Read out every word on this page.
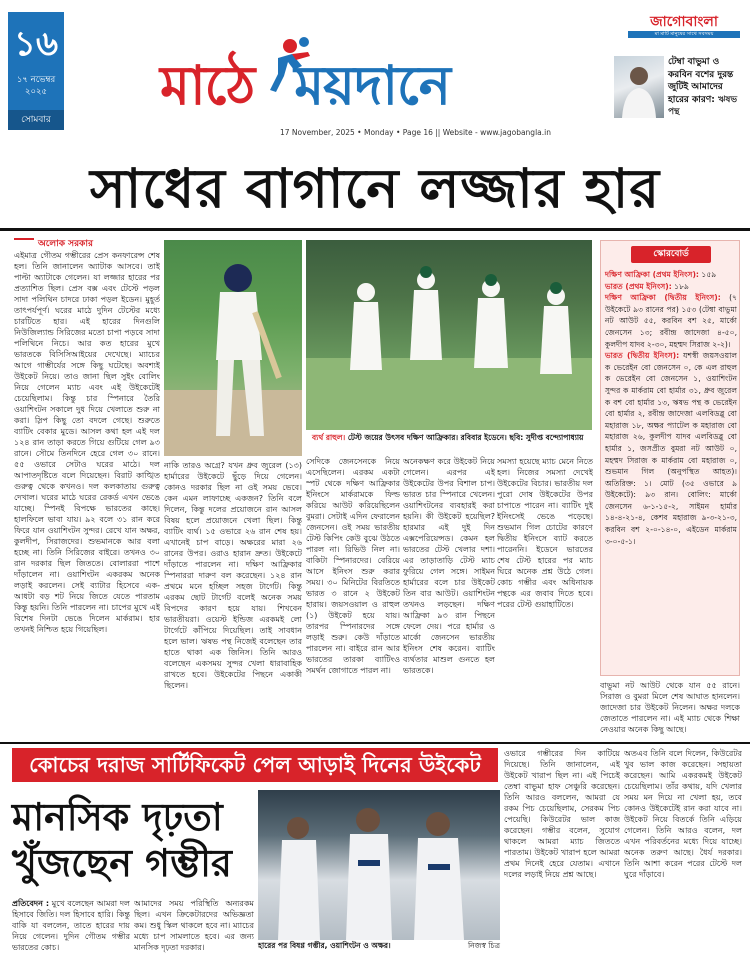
১৬
১৭ নভেম্বর ২০২৫
সোমবার
মাঠে ময়দানে
17 November, 2025 • Monday • Page 16 || Website - www.jagobangla.in
জাগোবাংলা
মা মাটি মানুষের সাথে সবসময়
টেম্বা বাভুমা ও করবিন বশের দুরন্ত জুটিই আমাদের হারের কারণ: ঋষভ পন্থ
সাধের বাগানে লজ্জার হার
অলোক সরকার
এইমাত্র গৌতম গম্ভীরের প্রেস কনফারেন্স শেষ হল। তিনি জানালেন অ্যাটাক আসবে। তাই পাল্টা অ্যাটাকে গেলেন। যা লজ্জার হারের পর প্রত্যাশিত ছিল। প্রেস বক্স এবং টেস্টে পড়ল সাদা পলিথিন চাদরে ঢাকা পড়ল ইডেন। মুহূর্ত তাৎপর্যপূর্ণ। ঘরের মাঠে দুদিন টেস্টের মধ্যে চারটিতে হার। এই হারের দিনগুলি নিউজিল্যান্ড সিরিজের মতো চাপা পড়বে সাদা পলিথিনে নিচে। আর কত হারের মুখে ভারতকে বিসিসিআইয়ের দেখেছে। ম্যাচের আগে গাম্ভীর্যের সঙ্গে কিছু ঘটেছে। অবশ্যই উইকেট নিয়ে। তাও জানা ছিল সুইং বোলিং নিয়ে গেলেন ম্যাচ এবং এই উইকেটেই চেয়েছিলাম। কিন্তু চার স্পিনারে তৈরি ওয়াশিংটন সকালে দুধ দিয়ে খেলাতে শুরু না করা। স্লিপ কিছু তো বদলে গেছে। শুরুতে ব্যাটিং বেকার মুডে। আসল কথা হল এই দল ১২৪ রান তাড়া করতে গিয়ে গুটিয়ে গেল ৯৩ রানে। সৌমে তিনদিনে হেরে গেল ৩০ রানে। ৫৫ ওভারে সেটাও ঘরের মাঠে। দল আপাতদৃষ্টিতে বলে দিয়েছেন। বিরাট কাঙ্খিত গুরুত্ব থেকে কখনও। দল কলকাতায় গুরুত্ব দেখাল। ঘরের মাঠে ঘরের রেকর্ড এখন ভেঙে যাচ্ছে। স্পিনই বিপক্ষে ভারতের কাছে। হালফিলে ভাবা যায়। ৯২ বলে ৩১ রান করে ফিরে যান ওয়াশিংটন সুন্দর। রেখে যান অক্ষর, কুলদীপ, সিরাজদের। শুভমানকে আর বলা হচ্ছে না। তিনি সিরিজের বাইরে। তখনও ৩০ রান দরকার ছিল জিততে। বোলাররা পাশে দাঁড়ালেন না। ওয়াশিংটন একরকম অনেক লড়াই করলেন। সেই ব্যাটার হিসেবে এক-আধটা বড় শট নিয়ে জিতে যেতে পারতাম কিন্তু হয়নি। তিনি পারলেন না। চাপের মুখে এই বিশেষ দিনটা ভেঙে দিলেন মার্করাম। হার তখনই নিশ্চিত হয়ে গিয়েছিল।
ব্যর্থ রাহুল। টেস্ট জয়ের উৎসব দক্ষিণ আফ্রিকার। রবিবার ইডেনে। ছবি: সুদীপ্ত বন্দ্যোপাধ্যায়
নাকি তারও অগ্রে? যখন ধ্রুব জুরেল (১৩) হার্মারের উইকেটে ছুঁড়ে দিয়ে গেলেন। কোনও দরকার ছিল না ওই সময় ভেবে। কেন এমন লাফাচ্ছে একজন? তিনি বলে দিলেন, কিন্তু দলের প্রয়োজনে রান আসল বিষয় হলে প্রয়োজনে খেলা ছিল। কিন্তু ব্যাটিং ব্যর্থ। ১৫ ওভারে ২৬ রান শেষ হয়। এখানেই চাপ বাড়ে। অক্ষরের মারা ২৬ রানের উপর। ওরাও হারান দ্রুত। উইকেটে দাঁড়াতে পারলেন না। দক্ষিণ আফ্রিকার স্পিনাররা দারুণ বল করেছেন। ১২৪ রান প্রথমে মনে হচ্ছিল সহজ টার্গেট। কিন্তু এরকম ছোট টার্গেট বলেই অনেক সময় বিপদের কারণ হয়ে যায়। শিখবেন ভারতীয়রা। ওয়েস্ট ইন্ডিজ এরকমই লো টার্গেটে কাঁপিয়ে দিয়েছিল। তাই সাবধান হলে ভাল। ঋষভ পন্থ নিজেই বলেছেন তার হাতে থাকা এক জিনিস। তিনি আরও বলেছেন একসময় সুন্দর খেলা ধারাবাহিক রাখতে হবে। উইকেটের পিছনে একাকী ছিলেন।
সেদিকে জেনসেনকে নিয়ে এসেছিলেন। এরকম একটা স্পট থেকে দক্ষিণ আফ্রিকার ইনিংসে মার্করামকে ফিল্ড করিয়ে আউট করিয়েছিলেন বুমরা। সেটাই এদিন ফেরালেন জেনসেন। ওই সময় ভারতীয় টেস্ট কিপিং কেউ বুঝে উঠতে পারল না। রিভিউ নিল না। বাকিটা স্পিনারদের। বেরিয়ে আসে ইনিংস শুরু করার সময়। ৩০ মিনিটের বিরতিতে ভারত ৩ রানে ২ উইকেট হারায়। জয়সওয়াল ও রাহুল (১) উইকেট হয়ে যায়। তারপর স্পিনারদের সঙ্গে লড়াই শুরু। কেউ দাঁড়াতে পারলেন না। বাইরে রান আর ভারতের তারকা ব্যাটিংও সমর্থন জোগাতে পারল না।
অনেকক্ষণ করে উইকেট নিয়ে গেলেন। এরপর এই উইকেটের উপর বিশাল চাপ। ভারত চার স্পিনারে খেলেন। ওয়াশিংটনের ব্যবহারই করা হয়নি। কী উইকেট হয়েছিল? হারমার এই দুই দিন এক্সপেরিয়েন্সড। কেমন হল ভারতের টেস্ট খেলার দশা। এর তাড়াতাড়ি টেস্ট ম্যাচ ফুরিয়ে গেল সঙ্গে। সাইমন হার্মারের বলে চার উইকেট তিন বার আউট। ওয়াশিংটন তখনও লড়ছেন। দক্ষিণ আফ্রিকা ৯৩ রান পিছনে ফেলে দেয়। পরে হার্মার ও মার্কো জেনসেন ভারতীয় ইনিংস শেষ করেন। ব্যাটিং ব্যর্থতার মাশুল গুনতে হল ভারতকে।
সমস্যা হয়েছে ম্যাচ মেনে নিতে হল। নিজের সমস্যা দেখেই উইকেটের বিচার। ভারতীয় দল পুরো দোষ উইকেটের উপর চাপাতে পারেন না। ব্যাটিং দুই ইনিংসেই ভেঙে পড়েছে। শুভমান গিল চোটের কারণে দ্বিতীয় ইনিংসে ব্যাট করতে পারেননি। ইডেনে ভারতের শেষ টেস্ট হারের পর ম্যাচ ঘিরে অনেক প্রশ্ন উঠে গেল। কোচ গম্ভীর এবং অধিনায়ক পন্থকে এর জবাব দিতে হবে। পরের টেস্ট গুয়াহাটিতে।
স্কোরবোর্ড
দক্ষিণ আফ্রিকা (প্রথম ইনিংস): ১৫৯
ভারত (প্রথম ইনিংস): ১৮৯
দক্ষিণ আফ্রিকা (দ্বিতীয় ইনিংস): (৭ উইকেটে ৯৩ রানের পর) ১৫৩ (টেম্বা বাভুমা নট আউট ৫৫, করবিন বশ ২৫, মার্কো জেনসেন ১৩; রবীন্দ্র জাদেজা ৪-৫০, কুলদীপ যাদব ২-৩০, মহম্মদ সিরাজ ২-২)।
ভারত (দ্বিতীয় ইনিংস): যশস্বী জয়সওয়াল ক ভেরেইন বো জেনসেন ০, কে এল রাহুল ক ভেরেইন বো জেনসেন ১, ওয়াশিংটন সুন্দর ক মার্করাম বো হার্মার ৩১, ধ্রুব জুরেল ক বশ বো হার্মার ১৩, ঋষভ পন্থ ক ভেরেইন বো হার্মার ২, রবীন্দ্র জাদেজা এলবিডব্লু বো মহারাজ ১৮, অক্ষর প্যাটেল ক মহারাজ বো মহারাজ ২৬, কুলদীপ যাদব এলবিডব্লু বো হার্মার ১, জসপ্রীত বুমরা নট আউট ০, মহম্মদ সিরাজ ক মার্করাম বো মহারাজ ০, শুভমান গিল (অনুপস্থিত আহত)। অতিরিক্ত: ১। মোট (৩৫ ওভারে ৯ উইকেটে): ৯৩ রান। বোলিং: মার্কো জেনসেন ৬-১-১৫-২, সাইমন হার্মার ১৪-৪-২১-৪, কেশব মহারাজ ৯-৩-২১-৩, করবিন বশ ২-০-১৪-০, এইডেন মার্করাম ৩-০-৫-১।
বাভুমা নট আউট থেকে যান ৫৫ রানে। সিরাজ ও বুমরা মিলে শেষ আঘাত হানলেন। জাদেজা চার উইকেট নিলেন। অক্ষর দলকে জেতাতে পারলেন না। এই ম্যাচ থেকে শিক্ষা নেওয়ার অনেক কিছু আছে।
কোচের দরাজ সার্টিফিকেট পেল আড়াই দিনের উইকেট
মানসিক দৃঢ়তা খুঁজছেন গম্ভীর
হারের পর বিষণ্ণ গম্ভীর, ওয়াশিংটন ও অক্ষর।	নিজস্ব চিত্র
প্রতিবেদন : মুখে বলেছেন আমরা দল হিসাবে জিতি। দল হিসাবে হারি। কিন্তু বাকি যা বললেন, তাতে হারের দায় নিয়ে গেলেন। দুদিন গৌতম গম্ভীর ভারতের কোচ।
আমাদের সময় পরিস্থিতি অন্যরকম ছিল। এখন ক্রিকেটারদের অভিজ্ঞতা কম। শুধু স্কিল থাকলে হবে না। ম্যাচের মধ্যে চাপ সামলাতে হবে। এর জন্য মানসিক দৃঢ়তা দরকার।
ওভারে গম্ভীরের দিন কাটিয়ে দিয়েছে। তিনি জানালেন, এই উইকেট খারাপ ছিল না। এই পিচেই তেম্বা বাভুমা হাফ সেঞ্চুরি করেছেন। তিনি আরও বললেন, আমরা যে রকম পিচ চেয়েছিলাম, সেরকম পিচ পেয়েছি। কিউরেটর ভাল কাজ করেছেন। গম্ভীর বলেন, সুযোগ থাকলে আমরা ম্যাচ জিততে পারতাম। উইকেট খারাপ হলে আমরা প্রথম দিনেই হেরে যেতাম। এখানে দলের লড়াই নিয়ে প্রশ্ন আছে।
অতএব তিনি বলে দিলেন, কিউরেটর খুব ভাল কাজ করেছেন। সহায়তা করেছেন। আমি একরকমই উইকেট চেয়েছিলাম। তাঁর কথায়, যদি খেলার সময় মন দিয়ে না খেলা হয়, তবে কোনও উইকেটেই রান করা যাবে না। উইকেট নিয়ে বিতর্কে তিনি এড়িয়ে গেলেন। তিনি আরও বলেন, দল এখন পরিবর্তনের মধ্যে দিয়ে যাচ্ছে। অনেক তরুণ আছে। ধৈর্য দরকার। তিনি আশা করেন পরের টেস্টে দল ঘুরে দাঁড়াবে।
